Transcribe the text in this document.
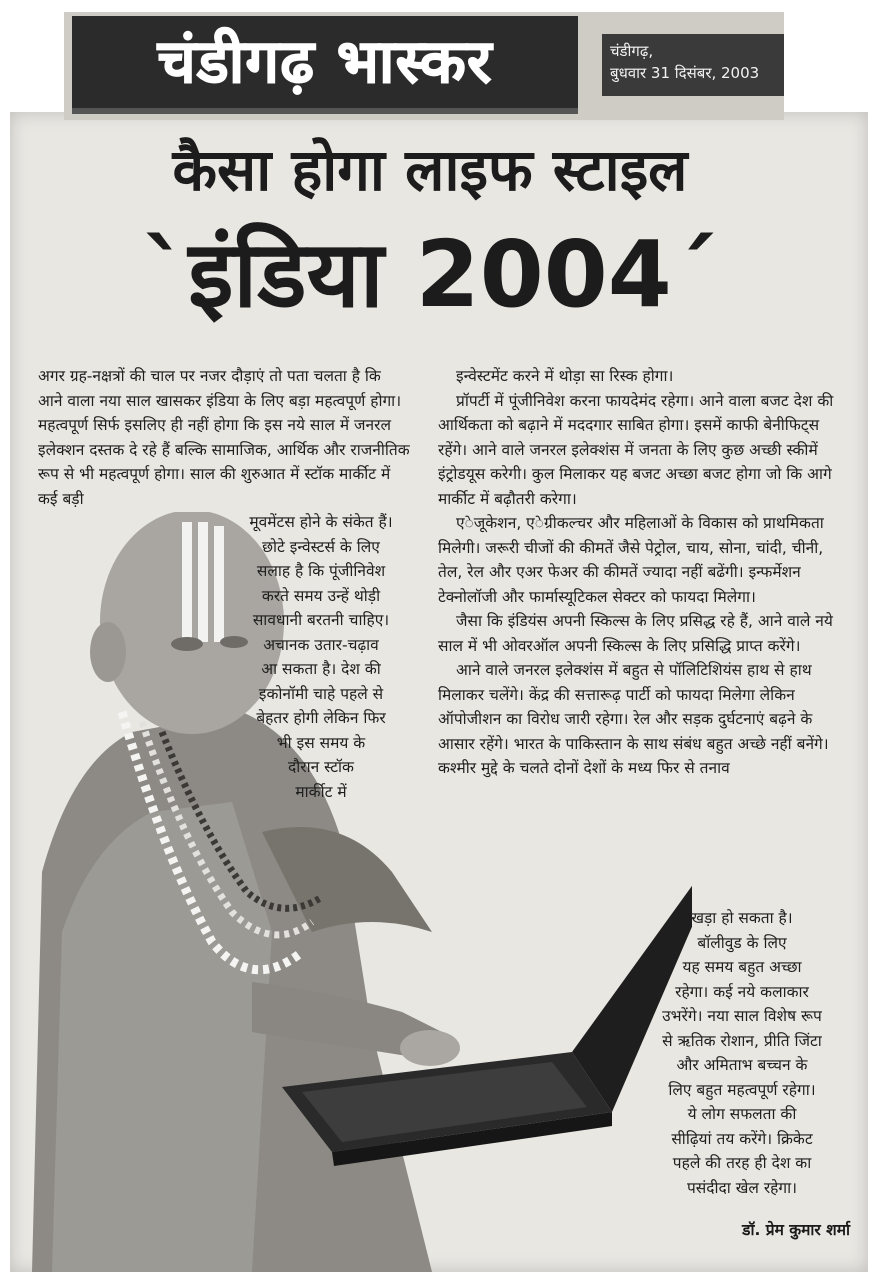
चंडीगढ़ भास्कर	चंडीगढ़,
बुधवार 31 दिसंबर, 2003
कैसा होगा लाइफ स्टाइल
`इंडिया 2004´

अगर ग्रह-नक्षत्रों की चाल पर नजर दौड़ाएं तो पता चलता है कि आने वाला नया साल खासकर इंडिया के लिए बड़ा महत्वपूर्ण होगा। महत्वपूर्ण सिर्फ इसलिए ही नहीं होगा कि इस नये साल में जनरल इलेक्शन दस्तक दे रहे हैं बल्कि सामाजिक, आर्थिक और राजनीतिक रूप से भी महत्वपूर्ण होगा। साल की शुरुआत में स्टॉक मार्कीट में कई बड़ी

मूवमेंटस होने के संकेत हैं।

छोटे इन्वेस्टर्स के लिए

सलाह है कि पूंजीनिवेश

करते समय उन्हें थोड़ी

सावधानी बरतनी चाहिए।

अचानक उतार-चढ़ाव

आ सकता है। देश की

इकोनॉमी चाहे पहले से

बेहतर होगी लेकिन फिर

भी इस समय के

दौरान स्टॉक

मार्कीट में

इन्वेस्टमेंट करने में थोड़ा सा रिस्क होगा।

प्रॉपर्टी में पूंजीनिवेश करना फायदेमंद रहेगा। आने वाला बजट देश की आर्थिकता को बढ़ाने में मददगार साबित होगा। इसमें काफी बेनीफिट्स रहेंगे। आने वाले जनरल इलेक्शंस में जनता के लिए कुछ अच्छी स्कीमें इंट्रोडयूस करेगी। कुल मिलाकर यह बजट अच्छा बजट होगा जो कि आगे मार्कीट में बढ़ौतरी करेगा।

एेजूकेशन, एेग्रीकल्चर और महिलाओं के विकास को प्राथमिकता मिलेगी। जरूरी चीजों की कीमतें जैसे पेट्रोल, चाय, सोना, चांदी, चीनी, तेल, रेल और एअर फेअर की कीमतें ज्यादा नहीं बढेंगी। इन्फर्मेशन टेक्नोलॉजी और फार्मास्यूटिकल सेक्टर को फायदा मिलेगा।

जैसा कि इंडियंस अपनी स्किल्स के लिए प्रसिद्ध रहे हैं, आने वाले नये साल में भी ओवरऑल अपनी स्किल्स के लिए प्रसिद्धि प्राप्त करेंगे।

आने वाले जनरल इलेक्शंस में बहुत से पॉलिटिशियंस हाथ से हाथ मिलाकर चलेंगे। केंद्र की सत्तारूढ़ पार्टी को फायदा मिलेगा लेकिन ऑपोजीशन का विरोध जारी रहेगा। रेल और सड़क दुर्घटनाएं बढ़ने के आसार रहेंगे। भारत के पाकिस्तान के साथ संबंध बहुत अच्छे नहीं बनेंगे। कश्मीर मुद्दे के चलते दोनों देशों के मध्य फिर से तनाव

खड़ा हो सकता है।

बॉलीवुड के लिए

यह समय बहुत अच्छा

रहेगा। कई नये कलाकार

उभरेंगे। नया साल विशेष रूप

से ऋतिक रोशान, प्रीति जिंटा

और अमिताभ बच्चन के

लिए बहुत महत्वपूर्ण रहेगा।

ये लोग सफलता की

सीढ़ियां तय करेंगे। क्रिकेट

पहले की तरह ही देश का

पसंदीदा खेल रहेगा।

डॉ. प्रेम कुमार शर्मा
